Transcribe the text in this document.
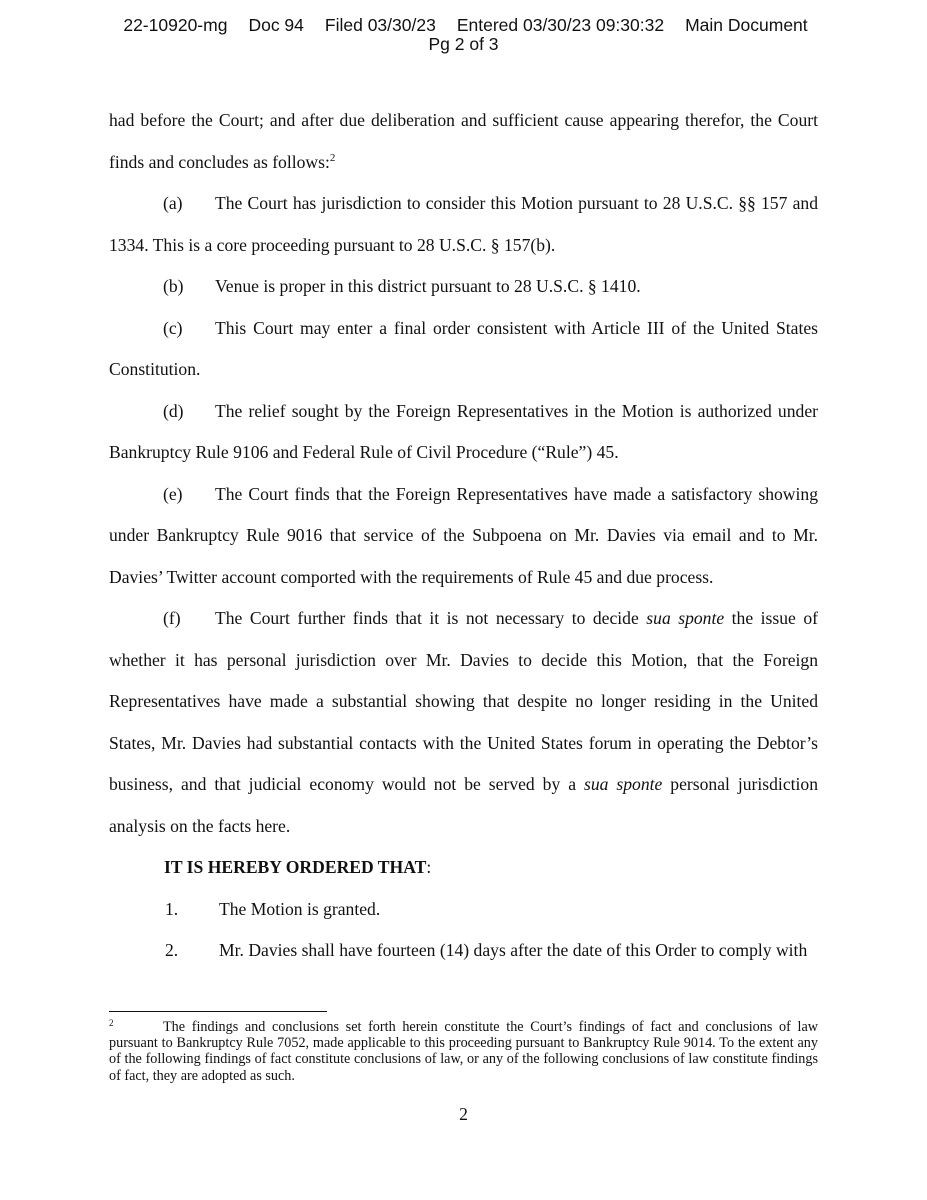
22-10920-mg Doc 94 Filed 03/30/23 Entered 03/30/23 09:30:32 Main Document
Pg 2 of 3

had before the Court; and after due deliberation and sufficient cause appearing therefor, the Court finds and concludes as follows:$^2$

(a) The Court has jurisdiction to consider this Motion pursuant to 28 U.S.C. §§ 157 and 1334. This is a core proceeding pursuant to 28 U.S.C. § 157(b).

(b) Venue is proper in this district pursuant to 28 U.S.C. § 1410.

(c) This Court may enter a final order consistent with Article III of the United States Constitution.

(d) The relief sought by the Foreign Representatives in the Motion is authorized under Bankruptcy Rule 9106 and Federal Rule of Civil Procedure (“Rule”) 45.

(e) The Court finds that the Foreign Representatives have made a satisfactory showing under Bankruptcy Rule 9016 that service of the Subpoena on Mr. Davies via email and to Mr. Davies’ Twitter account comported with the requirements of Rule 45 and due process.

(f) The Court further finds that it is not necessary to decide sua sponte the issue of whether it has personal jurisdiction over Mr. Davies to decide this Motion, that the Foreign Representatives have made a substantial showing that despite no longer residing in the United States, Mr. Davies had substantial contacts with the United States forum in operating the Debtor’s business, and that judicial economy would not be served by a sua sponte personal jurisdiction analysis on the facts here.

IT IS HEREBY ORDERED THAT:

1. The Motion is granted.

2. Mr. Davies shall have fourteen (14) days after the date of this Order to comply with

2	The findings and conclusions set forth herein constitute the Court’s findings of fact and conclusions of law pursuant to Bankruptcy Rule 7052, made applicable to this proceeding pursuant to Bankruptcy Rule 9014. To the extent any of the following findings of fact constitute conclusions of law, or any of the following conclusions of law constitute findings of fact, they are adopted as such.
2
